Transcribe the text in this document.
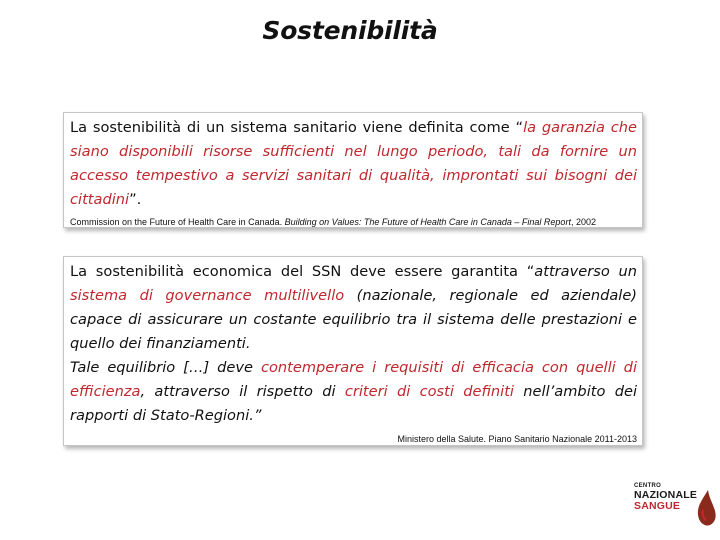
Sostenibilità

La sostenibilità di un sistema sanitario viene definita come “la garanzia che siano disponibili risorse sufficienti nel lungo periodo, tali da fornire un accesso tempestivo a servizi sanitari di qualità, improntati sui bisogni dei cittadini”.

Commission on the Future of Health Care in Canada. Building on Values: The Future of Health Care in Canada – Final Report, 2002

La sostenibilità economica del SSN deve essere garantita “attraverso un sistema di governance multilivello (nazionale, regionale ed aziendale) capace di assicurare un costante equilibrio tra il sistema delle prestazioni e quello dei finanziamenti.
Tale equilibrio […] deve contemperare i requisiti di efficacia con quelli di efficienza, attraverso il rispetto di criteri di costi definiti nell’ambito dei rapporti di Stato-Regioni.”

Ministero della Salute. Piano Sanitario Nazionale 2011-2013
CENTRO
NAZIONALE
SANGUE
